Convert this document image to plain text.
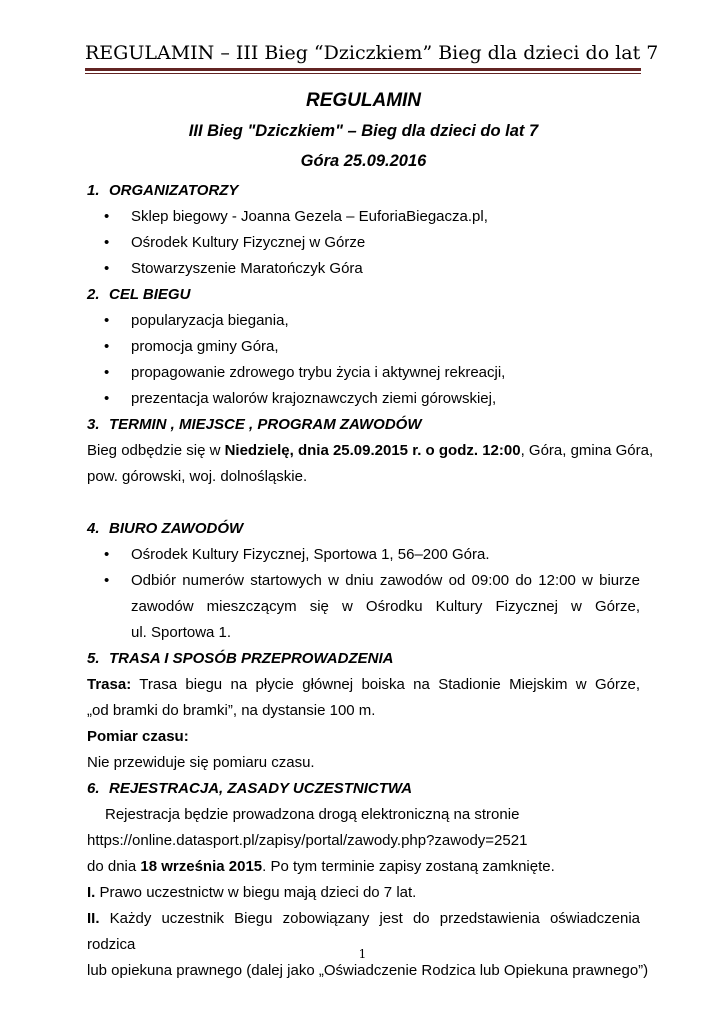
REGULAMIN – III Bieg “Dziczkiem” Bieg dla dzieci do lat 7
REGULAMIN
III Bieg "Dziczkiem" – Bieg dla dzieci do lat 7
Góra 25.09.2016
1. ORGANIZATORZY
• Sklep biegowy - Joanna Gezela – EuforiaBiegacza.pl,
• Ośrodek Kultury Fizycznej w Górze
• Stowarzyszenie Maratończyk Góra
2. CEL BIEGU
• popularyzacja biegania,
• promocja gminy Góra,
• propagowanie zdrowego trybu życia i aktywnej rekreacji,
• prezentacja walorów krajoznawczych ziemi górowskiej,
3. TERMIN , MIEJSCE , PROGRAM ZAWODÓW
Bieg odbędzie się w Niedzielę, dnia 25.09.2015 r. o godz. 12:00, Góra, gmina Góra,
pow. górowski, woj. dolnośląskie.
4. BIURO ZAWODÓW
• Ośrodek Kultury Fizycznej, Sportowa 1, 56–200 Góra.
• Odbiór numerów startowych w dniu zawodów od 09:00 do 12:00 w biurze
zawodów mieszczącym się w Ośrodku Kultury Fizycznej w Górze,
ul. Sportowa 1.
5. TRASA I SPOSÓB PRZEPROWADZENIA
Trasa: Trasa biegu na płycie głównej boiska na Stadionie Miejskim w Górze,
„od bramki do bramki”, na dystansie 100 m.
Pomiar czasu:
Nie przewiduje się pomiaru czasu.
6. REJESTRACJA, ZASADY UCZESTNICTWA
Rejestracja będzie prowadzona drogą elektroniczną na stronie
https://online.datasport.pl/zapisy/portal/zawody.php?zawody=2521
do dnia 18 września 2015. Po tym terminie zapisy zostaną zamknięte.
I. Prawo uczestnictw w biegu mają dzieci do 7 lat.
II. Każdy uczestnik Biegu zobowiązany jest do przedstawienia oświadczenia rodzica
lub opiekuna prawnego (dalej jako „Oświadczenie Rodzica lub Opiekuna prawnego”)
1
